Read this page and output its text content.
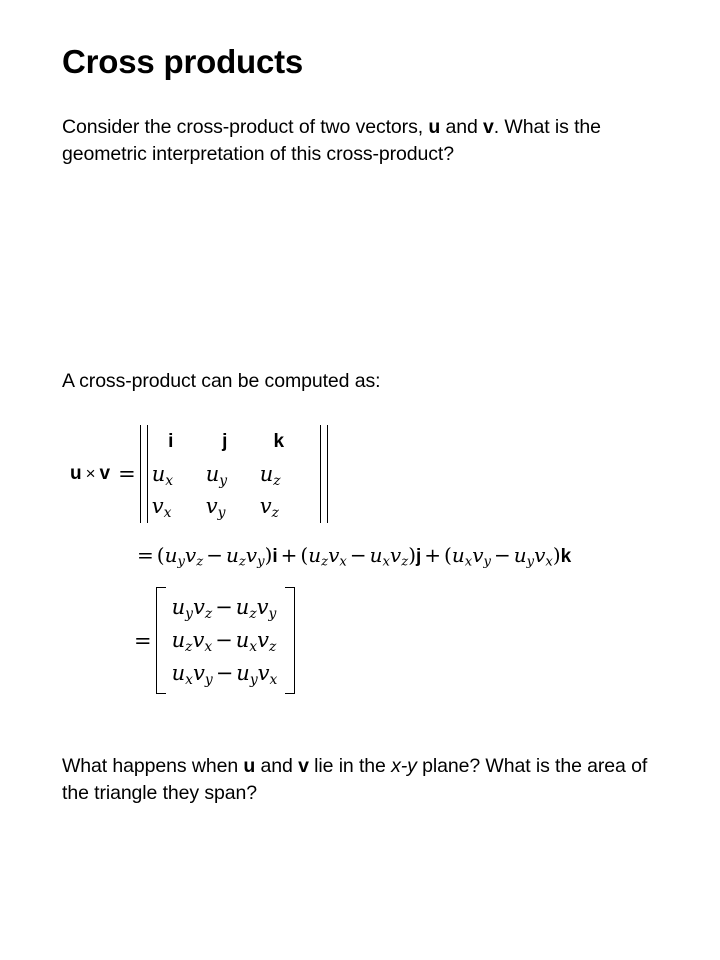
Cross products
Consider the cross-product of two vectors, u and v. What is the geometric interpretation of this cross-product?
A cross-product can be computed as:
u × v =
i	j	k
$u_x$	$u_y$	$u_z$
$v_x$	$v_y$	$v_z$
= $(u_yv_z - u_zv_y)i + (u_zv_x - u_xv_z)j + (u_xv_y - u_yv_x)k$
=
$u_yv_z - u_zv_y$
$u_zv_x - u_xv_z$
$u_xv_y - u_yv_x$
What happens when u and v lie in the x-y plane? What is the area of the triangle they span?
